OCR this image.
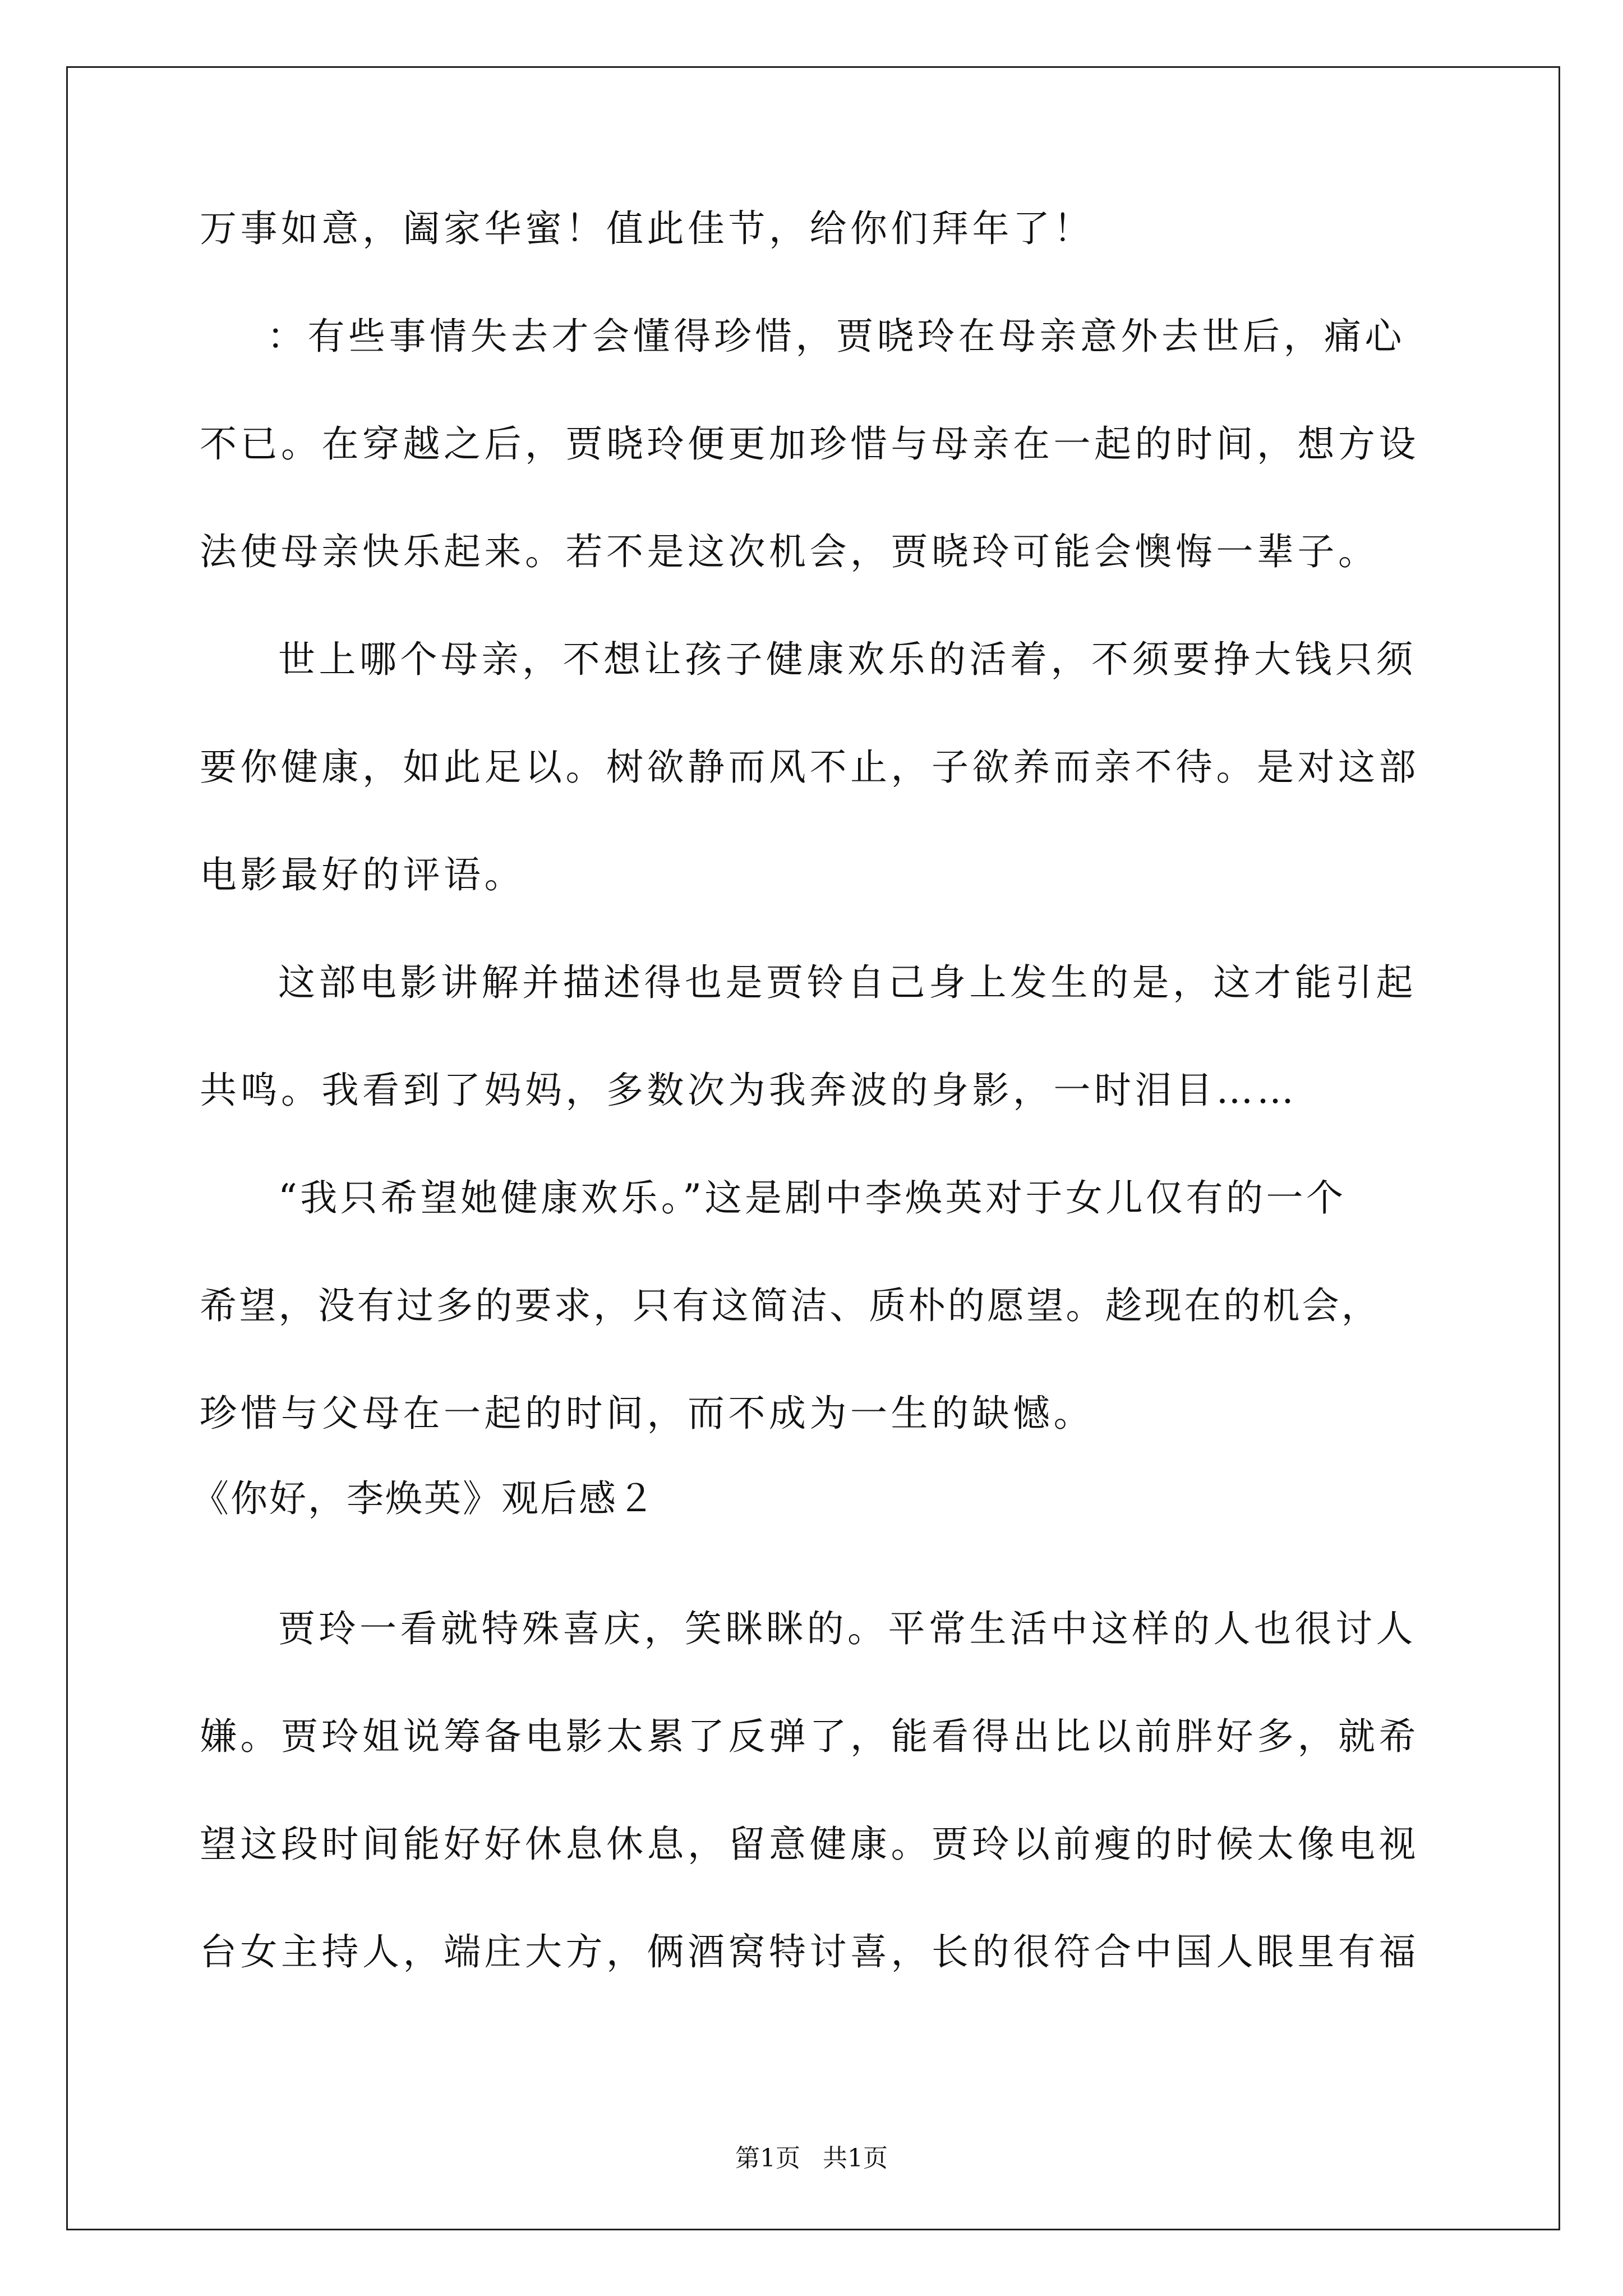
万事如意，阖家华蜜！值此佳节，给你们拜年了！
：有些事情失去才会懂得珍惜，贾晓玲在母亲意外去世后，痛心
不已。在穿越之后，贾晓玲便更加珍惜与母亲在一起的时间，想方设
法使母亲快乐起来。若不是这次机会，贾晓玲可能会懊悔一辈子。
世上哪个母亲，不想让孩子健康欢乐的活着，不须要挣大钱只须
要你健康，如此足以。树欲静而风不止，子欲养而亲不待。是对这部
电影最好的评语。
这部电影讲解并描述得也是贾铃自己身上发生的是，这才能引起
共鸣。我看到了妈妈，多数次为我奔波的身影，一时泪目……
“我只希望她健康欢乐。”这是剧中李焕英对于女儿仅有的一个
希望，没有过多的要求，只有这简洁、质朴的愿望。趁现在的机会，
珍惜与父母在一起的时间，而不成为一生的缺憾。
《你好，李焕英》观后感２
贾玲一看就特殊喜庆，笑眯眯的。平常生活中这样的人也很讨人
嫌。贾玲姐说筹备电影太累了反弹了，能看得出比以前胖好多，就希
望这段时间能好好休息休息，留意健康。贾玲以前瘦的时候太像电视
台女主持人，端庄大方，俩酒窝特讨喜，长的很符合中国人眼里有福
第1页 共1页
